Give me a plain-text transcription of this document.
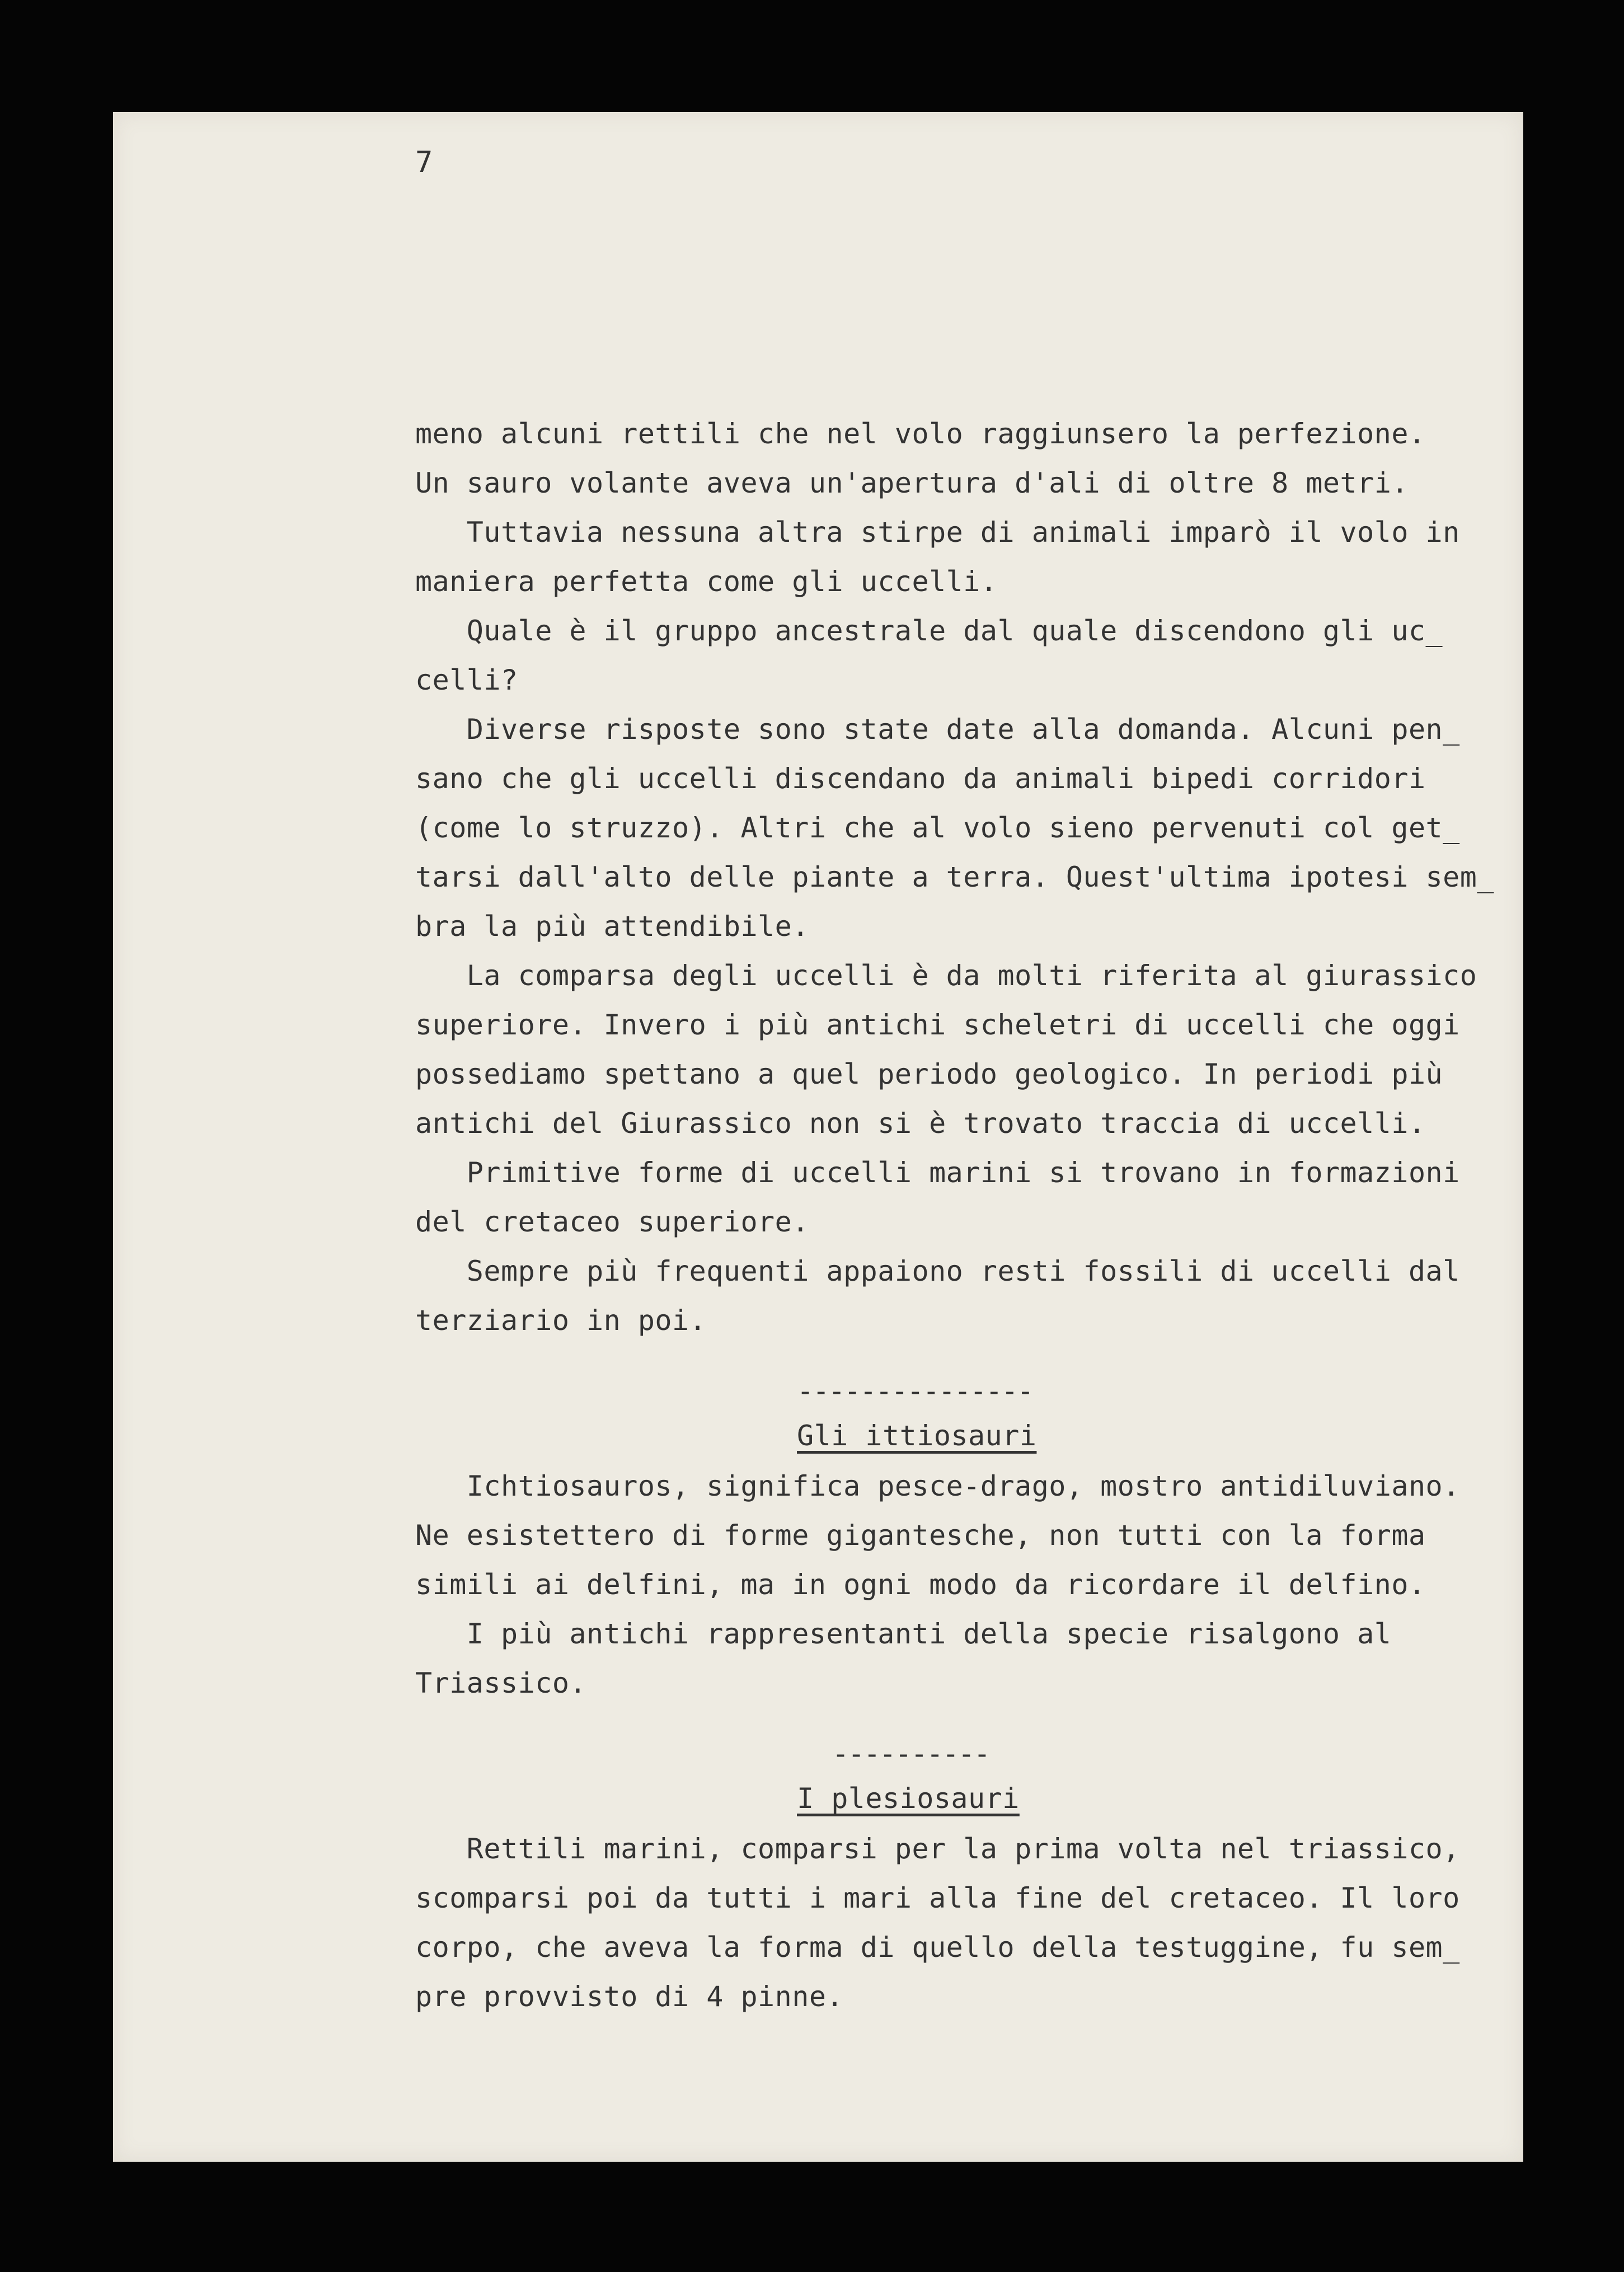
7

meno alcuni rettili che nel volo raggiunsero la perfezione.

Un sauro volante aveva un'apertura d'ali di oltre 8 metri.

Tuttavia nessuna altra stirpe di animali imparò il volo in

maniera perfetta come gli uccelli.

Quale è il gruppo ancestrale dal quale discendono gli uc_

celli?

Diverse risposte sono state date alla domanda. Alcuni pen_

sano che gli uccelli discendano da animali bipedi corridori

(come lo struzzo). Altri che al volo sieno pervenuti col get_

tarsi dall'alto delle piante a terra. Quest'ultima ipotesi sem_

bra la più attendibile.

La comparsa degli uccelli è da molti riferita al giurassico

superiore. Invero i più antichi scheletri di uccelli che oggi

possediamo spettano a quel periodo geologico. In periodi più

antichi del Giurassico non si è trovato traccia di uccelli.

Primitive forme di uccelli marini si trovano in formazioni

del cretaceo superiore.

Sempre più frequenti appaiono resti fossili di uccelli dal

terziario in poi.

---------------

Gli ittiosauri

Ichtiosauros, significa pesce-drago, mostro antidiluviano.

Ne esistettero di forme gigantesche, non tutti con la forma

simili ai delfini, ma in ogni modo da ricordare il delfino.

I più antichi rappresentanti della specie risalgono al

Triassico.

----------

I plesiosauri

Rettili marini, comparsi per la prima volta nel triassico,

scomparsi poi da tutti i mari alla fine del cretaceo. Il loro

corpo, che aveva la forma di quello della testuggine, fu sem_

pre provvisto di 4 pinne.
